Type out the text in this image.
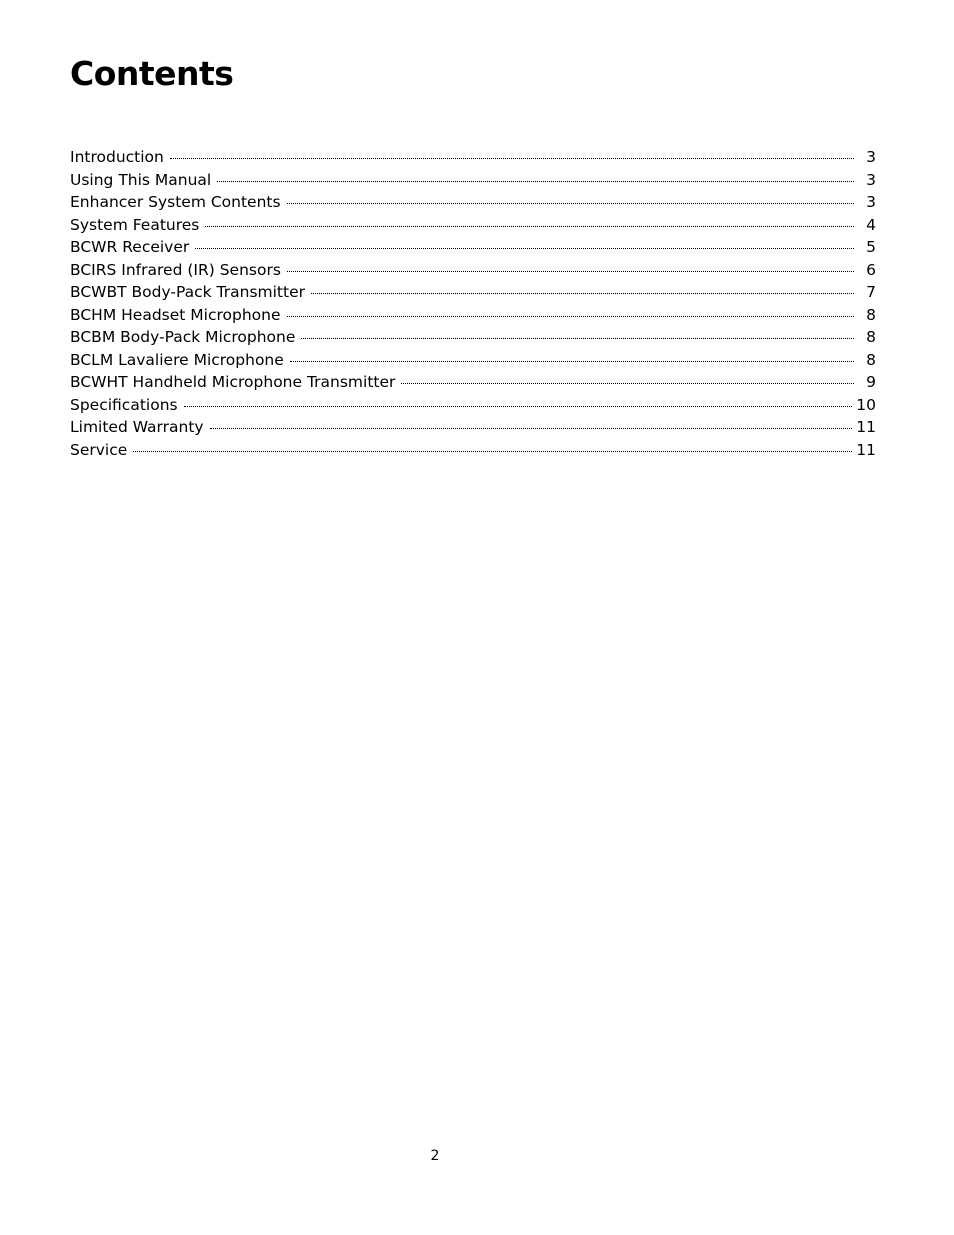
Contents
Introduction	3
Using This Manual	3
Enhancer System Contents	3
System Features	4
BCWR Receiver	5
BCIRS Infrared (IR) Sensors	6
BCWBT Body-Pack Transmitter	7
BCHM Headset Microphone	8
BCBM Body-Pack Microphone	8
BCLM Lavaliere Microphone	8
BCWHT Handheld Microphone Transmitter	9
Specifications	10
Limited Warranty	11
Service	11
2
